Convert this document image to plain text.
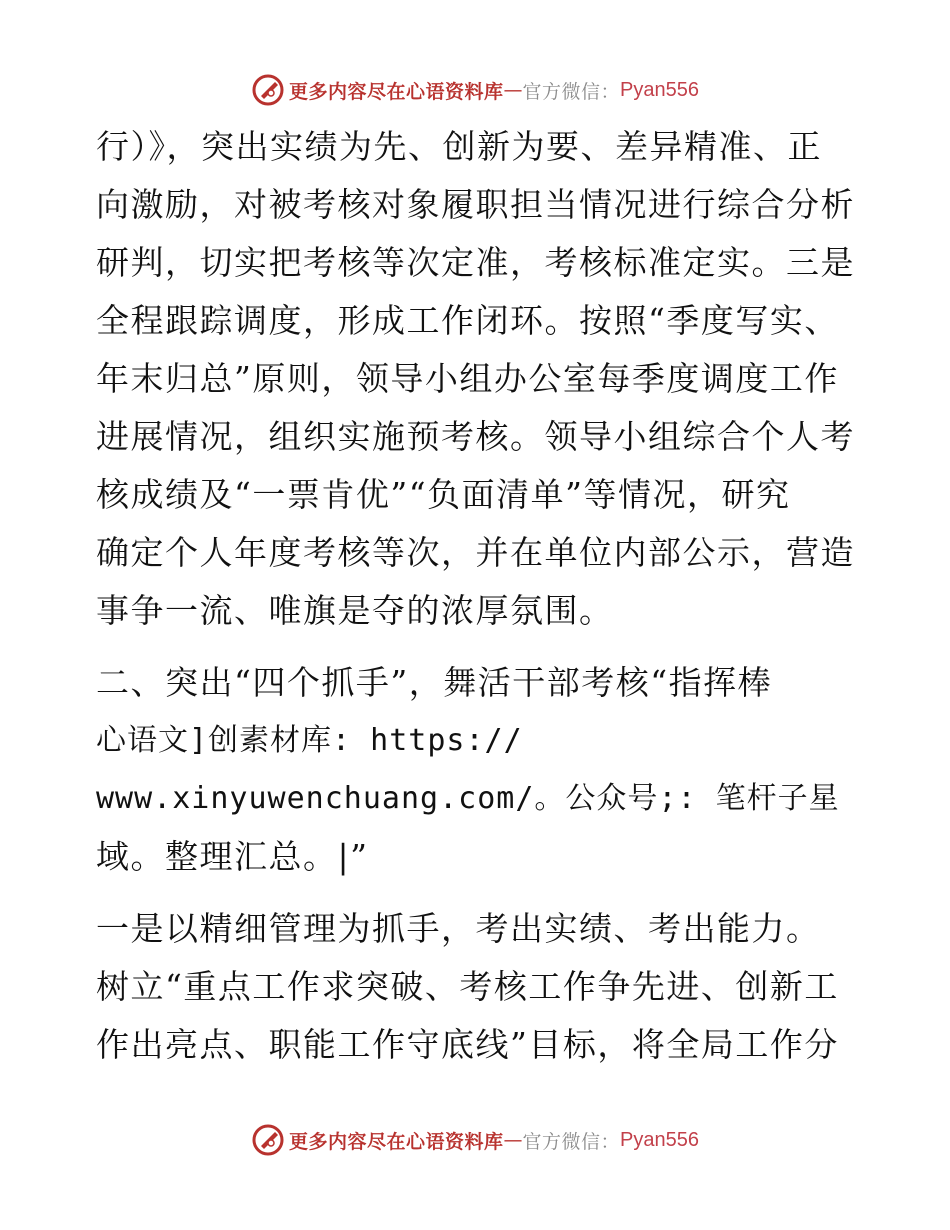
更多内容尽在心语资料库 — 官方微信： Pyan556
行）》，突出实绩为先、创新为要、差异精准、正
向激励，对被考核对象履职担当情况进行综合分析
研判，切实把考核等次定准，考核标准定实。三是
全程跟踪调度，形成工作闭环。按照“季度写实、
年末归总”原则，领导小组办公室每季度调度工作
进展情况，组织实施预考核。领导小组综合个人考
核成绩及“一票肯优”“负面清单”等情况，研究
确定个人年度考核等次，并在单位内部公示，营造
事争一流、唯旗是夺的浓厚氛围。
二、突出“四个抓手”，舞活干部考核“指挥棒
心语文]创素材库: https://
www.xinyuwenchuang.com/。公众号;: 笔杆子星
域。整理汇总。|”
一是以精细管理为抓手，考出实绩、考出能力。
树立“重点工作求突破、考核工作争先进、创新工
作出亮点、职能工作守底线”目标，将全局工作分
更多内容尽在心语资料库 — 官方微信： Pyan556
